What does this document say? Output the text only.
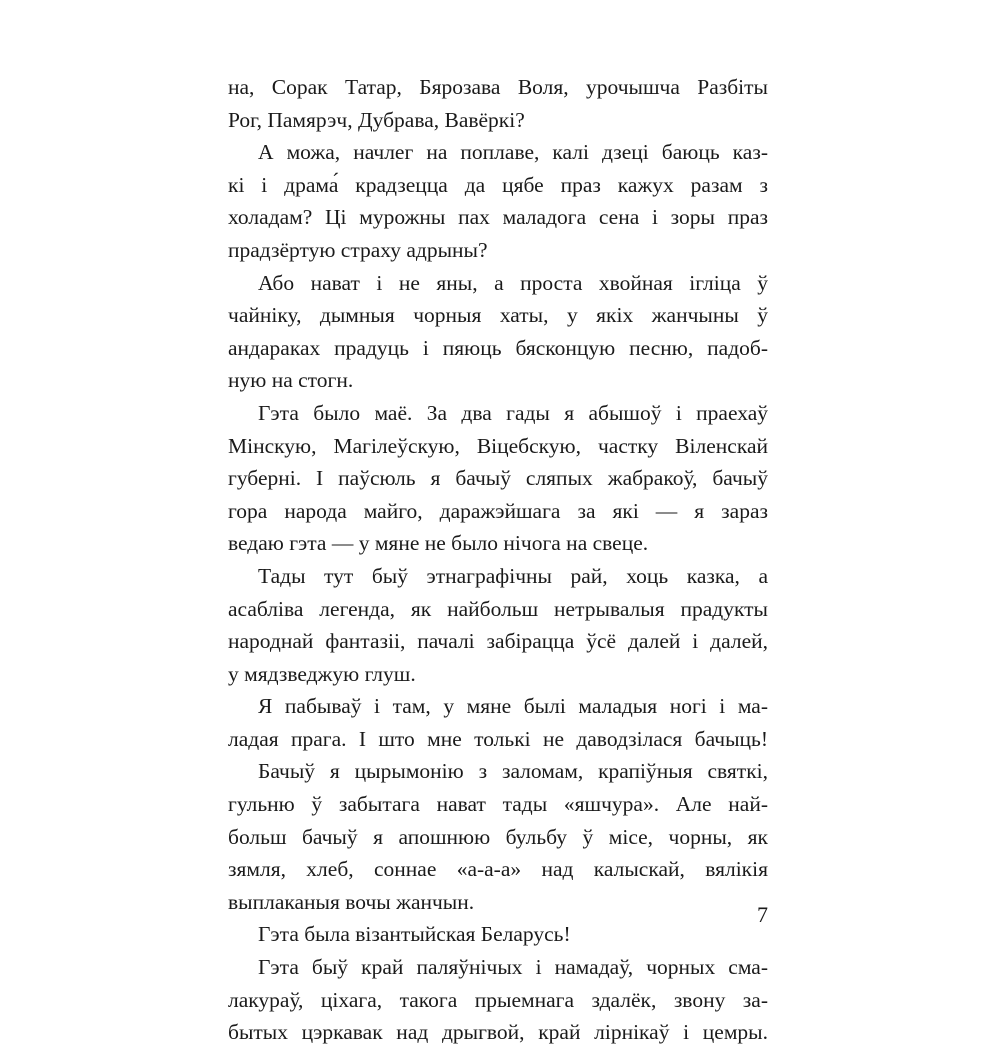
на, Сорак Татар, Бярозава Воля, урочышча Разбіты
Рог, Памярэч, Дубрава, Вавёркі?
А можа, начлег на поплаве, калі дзеці баюць каз-
кі і драма́ крадзецца да цябе праз кажух разам з
холадам? Ці мурожны пах маладога сена і зоры праз
прадзёртую страху адрыны?
Або нават і не яны, а проста хвойная іглiца ў
чайніку, дымныя чорныя хаты, у якіх жанчыны ў
андараках прадуць і пяюць бясконцую песню, падоб-
ную на стогн.
Гэта было маё. За два гады я абышоў і праехаў
Мінскую, Магілеўскую, Віцебскую, частку Віленскай
губерні. І паўсюль я бачыў сляпых жабракоў, бачыў
гора народа майго, даражэйшага за які — я зараз
ведаю гэта — у мяне не было нічога на свеце.
Тады тут быў этнаграфічны рай, хоць казка, а
асабліва легенда, як найбольш нетрывалыя прадукты
народнай фантазіі, пачалі забірацца ўсё далей і далей,
у мядзведжую глуш.
Я пабываў і там, у мяне былі маладыя ногі і ма-
ладая прага. І што мне толькі не даводзілася бачыць!
Бачыў я цырымонію з заломам, крапіўныя святкі,
гульню ў забытага нават тады «яшчура». Але най-
больш бачыў я апошнюю бульбу ў місе, чорны, як
зямля, хлеб, соннае «а-а-а» над калыскай, вялікія
выплаканыя вочы жанчын.
Гэта была візантыйская Беларусь!
Гэта быў край паляўнічых і намадаў, чорных сма-
лакураў, ціхага, такога прыемнага здалёк, звону за-
бытых цэркавак над дрыгвой, край лірнікаў і цемры.
7
